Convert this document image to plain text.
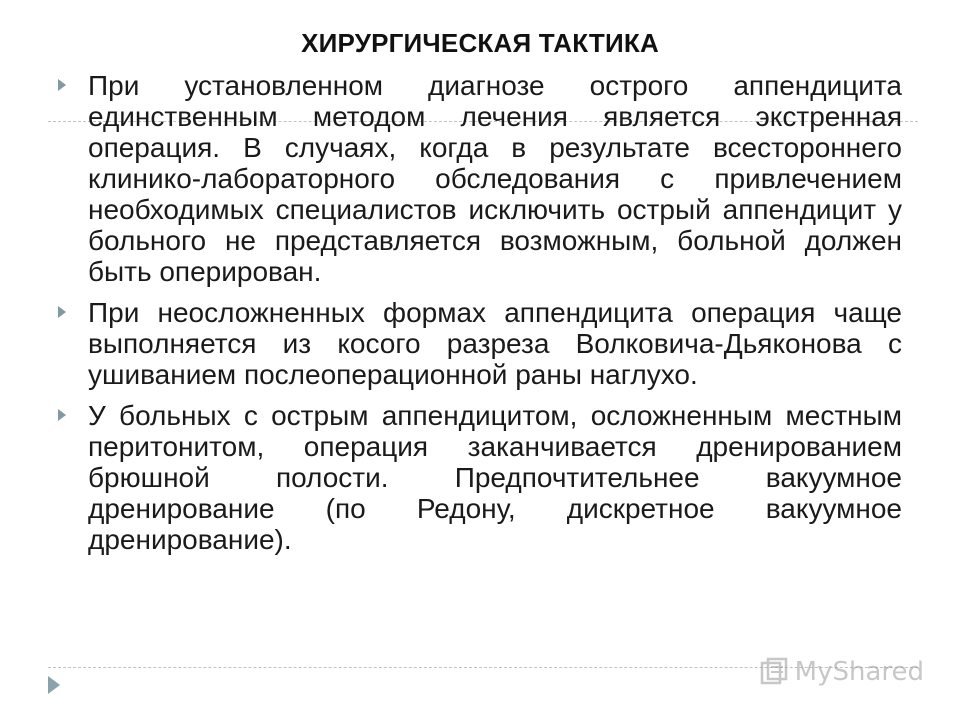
ХИРУРГИЧЕСКАЯ ТАКТИКА
При установленном диагнозе острого аппендицита единственным методом лечения является экстренная операция. В случаях, когда в результате всестороннего клинико-лабораторного обследования с привлечением необходимых специалистов исключить острый аппендицит у больного не представляется возможным, больной должен быть оперирован.
При неосложненных формах аппендицита операция чаще выполняется из косого разреза Волковича-Дьяконова с ушиванием послеоперационной раны наглухо.
У больных с острым аппендицитом, осложненным местным перитонитом, операция заканчивается дренированием брюшной полости. Предпочтительнее вакуумное дренирование (по Редону, дискретное вакуумное дренирование).
MyShared
